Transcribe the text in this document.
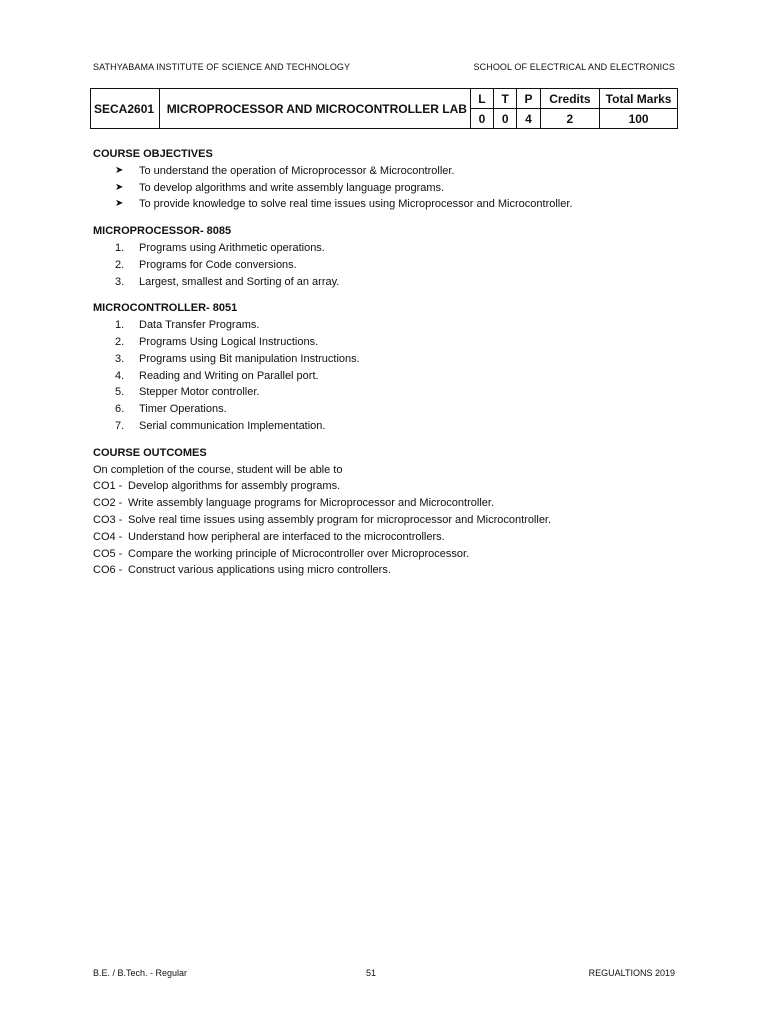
SATHYABAMA INSTITUTE OF SCIENCE AND TECHNOLOGY	SCHOOL OF ELECTRICAL AND ELECTRONICS
SECA2601	MICROPROCESSOR AND MICROCONTROLLER LAB	L	T	P	Credits	Total Marks
		0	0	4	2	100

COURSE OBJECTIVES

➤ To understand the operation of Microprocessor & Microcontroller.
➤ To develop algorithms and write assembly language programs.
➤ To provide knowledge to solve real time issues using Microprocessor and Microcontroller.

MICROPROCESSOR- 8085

1. Programs using Arithmetic operations.
2. Programs for Code conversions.
3. Largest, smallest and Sorting of an array.

MICROCONTROLLER- 8051

1. Data Transfer Programs.
2. Programs Using Logical Instructions.
3. Programs using Bit manipulation Instructions.
4. Reading and Writing on Parallel port.
5. Stepper Motor controller.
6. Timer Operations.
7. Serial communication Implementation.

COURSE OUTCOMES

On completion of the course, student will be able to
CO1 - Develop algorithms for assembly programs.
CO2 - Write assembly language programs for Microprocessor and Microcontroller.
CO3 - Solve real time issues using assembly program for microprocessor and Microcontroller.
CO4 - Understand how peripheral are interfaced to the microcontrollers.
CO5 - Compare the working principle of Microcontroller over Microprocessor.
CO6 - Construct various applications using micro controllers.
B.E. / B.Tech. - Regular	51	REGUALTIONS 2019
